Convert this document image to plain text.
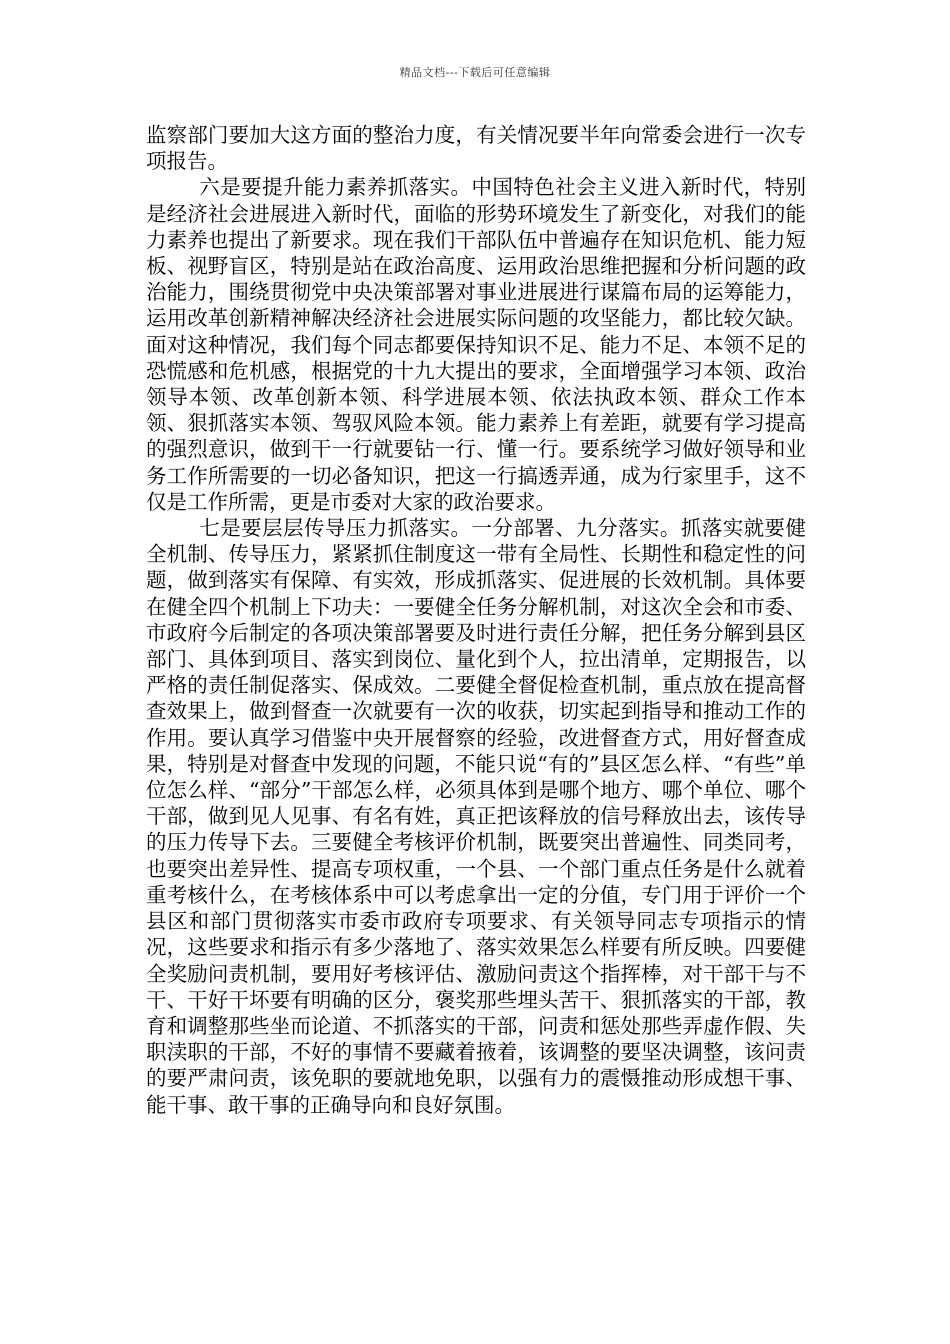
精品文档---下载后可任意编辑

监察部门要加大这方面的整治力度，有关情况要半年向常委会进行一次专项报告。

六是要提升能力素养抓落实。中国特色社会主义进入新时代，特别是经济社会进展进入新时代，面临的形势环境发生了新变化，对我们的能力素养也提出了新要求。现在我们干部队伍中普遍存在知识危机、能力短板、视野盲区，特别是站在政治高度、运用政治思维把握和分析问题的政治能力，围绕贯彻党中央决策部署对事业进展进行谋篇布局的运筹能力，运用改革创新精神解决经济社会进展实际问题的攻坚能力，都比较欠缺。面对这种情况，我们每个同志都要保持知识不足、能力不足、本领不足的恐慌感和危机感，根据党的十九大提出的要求，全面增强学习本领、政治领导本领、改革创新本领、科学进展本领、依法执政本领、群众工作本领、狠抓落实本领、驾驭风险本领。能力素养上有差距，就要有学习提高的强烈意识，做到干一行就要钻一行、懂一行。要系统学习做好领导和业务工作所需要的一切必备知识，把这一行搞透弄通，成为行家里手，这不仅是工作所需，更是市委对大家的政治要求。

七是要层层传导压力抓落实。一分部署、九分落实。抓落实就要健全机制、传导压力，紧紧抓住制度这一带有全局性、长期性和稳定性的问题，做到落实有保障、有实效，形成抓落实、促进展的长效机制。具体要在健全四个机制上下功夫：一要健全任务分解机制，对这次全会和市委、市政府今后制定的各项决策部署要及时进行责任分解，把任务分解到县区部门、具体到项目、落实到岗位、量化到个人，拉出清单，定期报告，以严格的责任制促落实、保成效。二要健全督促检查机制，重点放在提高督查效果上，做到督查一次就要有一次的收获，切实起到指导和推动工作的作用。要认真学习借鉴中央开展督察的经验，改进督查方式，用好督查成果，特别是对督查中发现的问题，不能只说“有的”县区怎么样、“有些”单位怎么样、“部分”干部怎么样，必须具体到是哪个地方、哪个单位、哪个干部，做到见人见事、有名有姓，真正把该释放的信号释放出去，该传导的压力传导下去。三要健全考核评价机制，既要突出普遍性、同类同考，也要突出差异性、提高专项权重，一个县、一个部门重点任务是什么就着重考核什么，在考核体系中可以考虑拿出一定的分值，专门用于评价一个县区和部门贯彻落实市委市政府专项要求、有关领导同志专项指示的情况，这些要求和指示有多少落地了、落实效果怎么样要有所反映。四要健全奖励问责机制，要用好考核评估、激励问责这个指挥棒，对干部干与不干、干好干坏要有明确的区分，褒奖那些埋头苦干、狠抓落实的干部，教育和调整那些坐而论道、不抓落实的干部，问责和惩处那些弄虚作假、失职渎职的干部，不好的事情不要藏着掖着，该调整的要坚决调整，该问责的要严肃问责，该免职的要就地免职，以强有力的震慑推动形成想干事、能干事、敢干事的正确导向和良好氛围。
